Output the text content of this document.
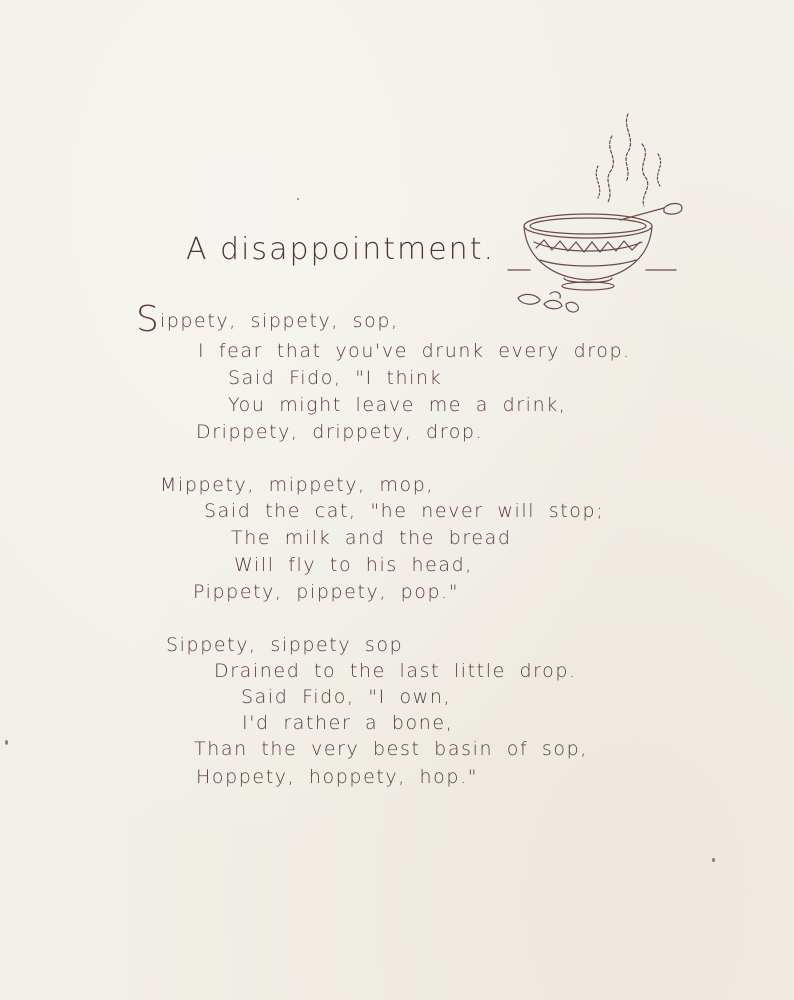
A disappointment.
Sippety, sippety, sop,
I fear that you've drunk every drop.
Said Fido, "I think
You might leave me a drink,
Drippety, drippety, drop.
Mippety, mippety, mop,
Said the cat, "he never will stop;
The milk and the bread
Will fly to his head,
Pippety, pippety, pop."
Sippety, sippety sop
Drained to the last little drop.
Said Fido, "I own,
I'd rather a bone,
Than the very best basin of sop,
Hoppety, hoppety, hop."
